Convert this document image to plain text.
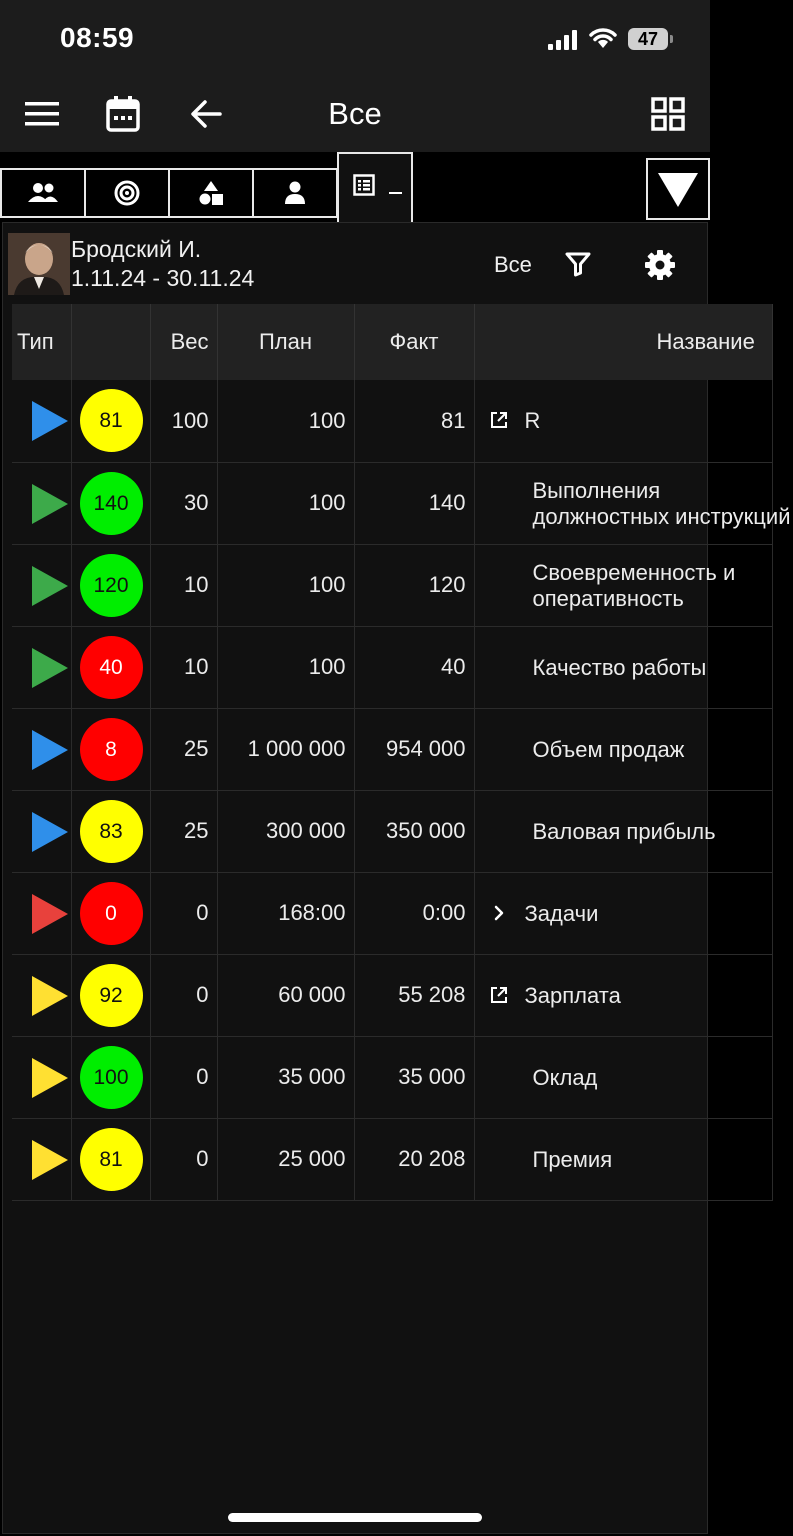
08:59	47
Все
Бродский И.
1.11.24 - 30.11.24
Все
Тип		Вес	План	Факт	Название

81	100	100	81	R

140	30	100	140	Выполнения должностных инструкций

120	10	100	120	Своевременность и оперативность

40	10	100	40	Качество работы

8	25	1 000 000	954 000	Объем продаж

83	25	300 000	350 000	Валовая прибыль

0	0	168:00	0:00	Задачи

92	0	60 000	55 208	Зарплата

100	0	35 000	35 000	Оклад

81	0	25 000	20 208	Премия
